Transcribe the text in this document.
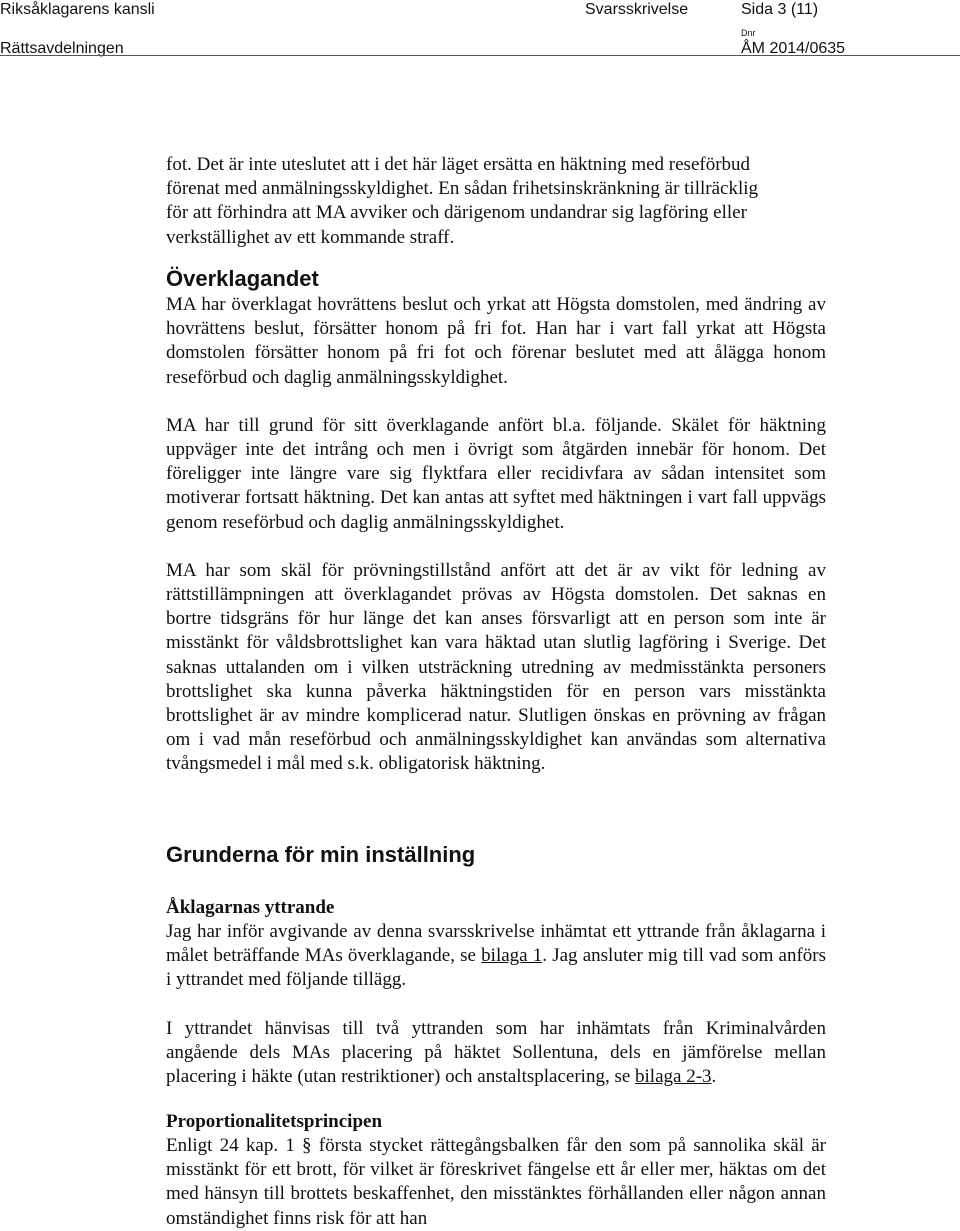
Riksåklagarens kansli
Rättsavdelningen
Svarsskrivelse	Sida 3 (11)
Dnr
ÅM 2014/0635
fot. Det är inte uteslutet att i det här läget ersätta en häktning med reseförbud
förenat med anmälningsskyldighet. En sådan frihetsinskränkning är tillräcklig
för att förhindra att MA avviker och därigenom undandrar sig lagföring eller
verkställighet av ett kommande straff.
Överklagandet

MA har överklagat hovrättens beslut och yrkat att Högsta domstolen, med ändring av hovrättens beslut, försätter honom på fri fot. Han har i vart fall yrkat att Högsta domstolen försätter honom på fri fot och förenar beslutet med att ålägga honom reseförbud och daglig anmälningsskyldighet.

MA har till grund för sitt överklagande anfört bl.a. följande. Skälet för häktning uppväger inte det intrång och men i övrigt som åtgärden innebär för honom. Det föreligger inte längre vare sig flyktfara eller recidivfara av sådan intensitet som motiverar fortsatt häktning. Det kan antas att syftet med häktningen i vart fall uppvägs genom reseförbud och daglig anmälningsskyldighet.

MA har som skäl för prövningstillstånd anfört att det är av vikt för ledning av rättstillämpningen att överklagandet prövas av Högsta domstolen. Det saknas en bortre tidsgräns för hur länge det kan anses försvarligt att en person som inte är misstänkt för våldsbrottslighet kan vara häktad utan slutlig lagföring i Sverige. Det saknas uttalanden om i vilken utsträckning utredning av medmisstänkta personers brottslighet ska kunna påverka häktningstiden för en person vars misstänkta brottslighet är av mindre komplicerad natur. Slutligen önskas en prövning av frågan om i vad mån reseförbud och anmälningsskyldighet kan användas som alternativa tvångsmedel i mål med s.k. obligatorisk häktning.

Grunderna för min inställning
Åklagarnas yttrande

Jag har inför avgivande av denna svarsskrivelse inhämtat ett yttrande från åklagarna i målet beträffande MAs överklagande, se bilaga 1. Jag ansluter mig till vad som anförs i yttrandet med följande tillägg.

I yttrandet hänvisas till två yttranden som har inhämtats från Kriminalvården angående dels MAs placering på häktet Sollentuna, dels en jämförelse mellan placering i häkte (utan restriktioner) och anstaltsplacering, se bilaga 2-3.

Proportionalitetsprincipen

Enligt 24 kap. 1 § första stycket rättegångsbalken får den som på sannolika skäl är misstänkt för ett brott, för vilket är föreskrivet fängelse ett år eller mer, häktas om det med hänsyn till brottets beskaffenhet, den misstänktes förhållanden eller någon annan omständighet finns risk för att han
